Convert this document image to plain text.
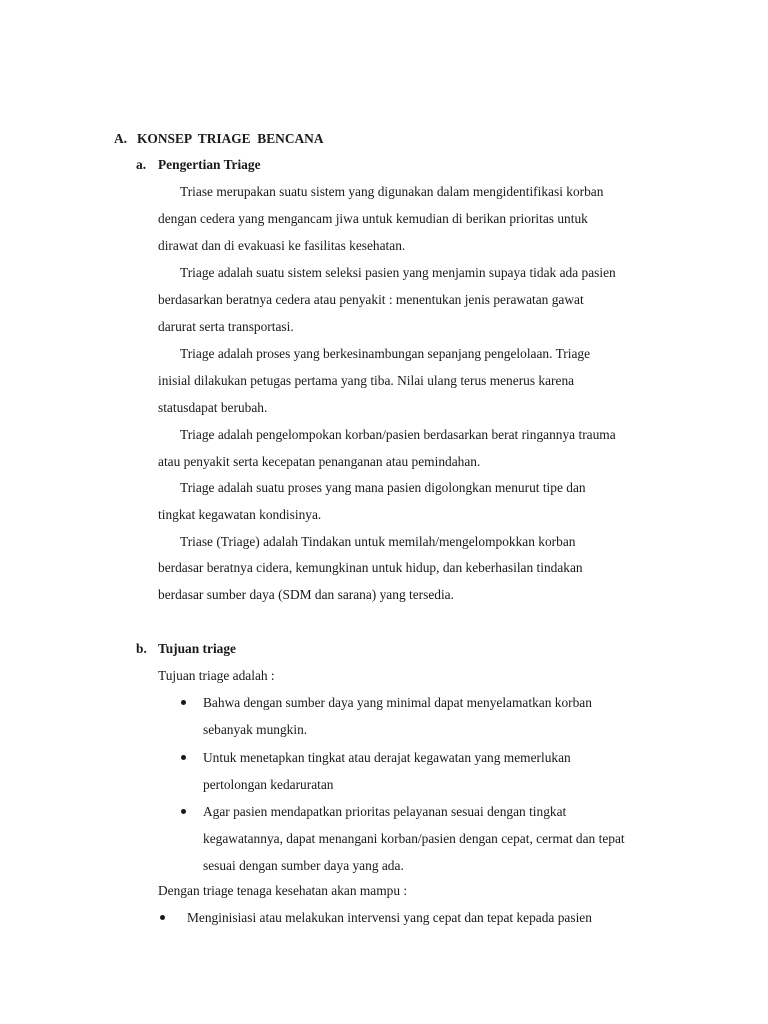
A. KONSEP  TRIAGE  BENCANA
a. Pengertian Triage
Triase merupakan suatu sistem yang digunakan dalam mengidentifikasi korban
dengan cedera yang mengancam jiwa untuk kemudian di berikan prioritas untuk
dirawat dan di evakuasi ke fasilitas kesehatan.
Triage adalah suatu sistem seleksi pasien yang menjamin supaya tidak ada pasien
berdasarkan beratnya cedera atau penyakit : menentukan jenis perawatan gawat
darurat serta transportasi.
Triage adalah proses yang berkesinambungan sepanjang pengelolaan. Triage
inisial dilakukan petugas pertama yang tiba. Nilai ulang terus menerus karena
statusdapat berubah.
Triage adalah pengelompokan korban/pasien berdasarkan berat ringannya trauma
atau penyakit serta kecepatan penanganan atau pemindahan.
Triage adalah suatu proses yang mana pasien digolongkan menurut tipe dan
tingkat kegawatan kondisinya.
Triase (Triage) adalah Tindakan untuk memilah/mengelompokkan korban
berdasar beratnya cidera, kemungkinan untuk hidup, dan keberhasilan tindakan
berdasar sumber daya (SDM dan sarana) yang tersedia.
b. Tujuan triage
Tujuan triage adalah :
Bahwa dengan sumber daya yang minimal dapat menyelamatkan korban
sebanyak mungkin.
Untuk menetapkan tingkat atau derajat kegawatan yang memerlukan
pertolongan kedaruratan
Agar pasien mendapatkan prioritas pelayanan sesuai dengan tingkat
kegawatannya, dapat menangani korban/pasien dengan cepat, cermat dan tepat
sesuai dengan sumber daya yang ada.
Dengan triage tenaga kesehatan akan mampu :
Menginisiasi atau melakukan intervensi yang cepat dan tepat kepada pasien
